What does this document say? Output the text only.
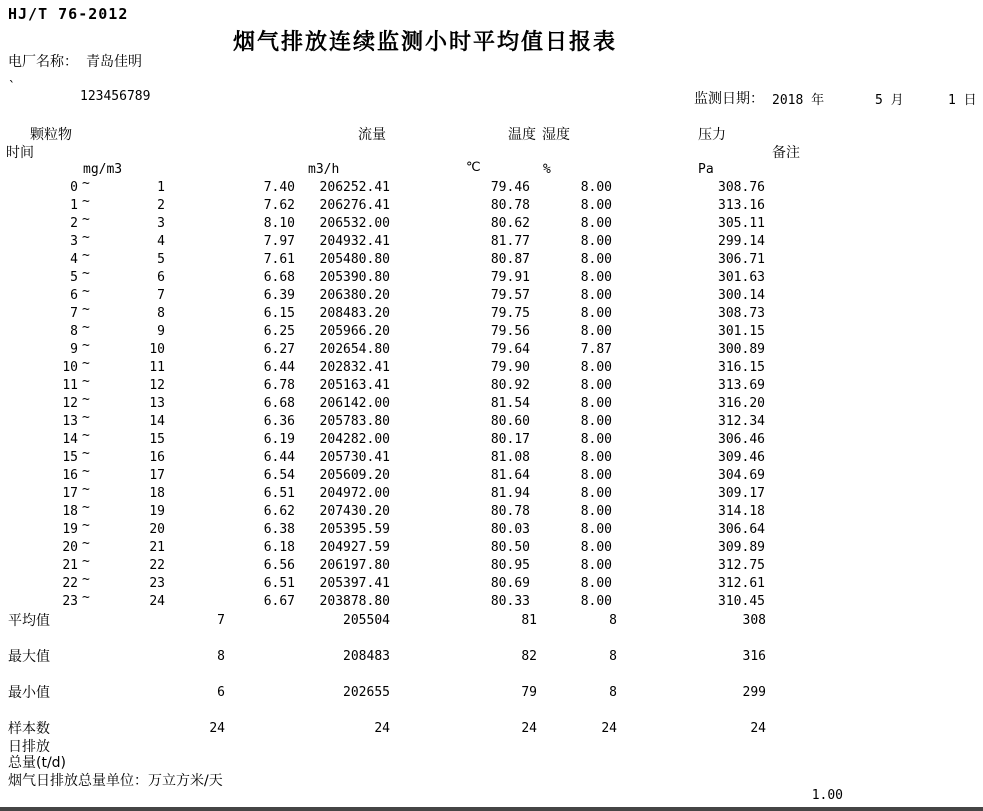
HJ/T 76-2012
烟气排放连续监测小时平均值日报表
电厂名称： 青岛佳明
`
123456789	监测日期： 2018 年	5 月	1 日
颗粒物	流量	温度 湿度	压力
时间	备注
mg/m3	m3/h	℃	%	Pa
0 ~	1	7.40	206252.41	79.46	8.00	308.76
1 ~	2	7.62	206276.41	80.78	8.00	313.16
2 ~	3	8.10	206532.00	80.62	8.00	305.11
3 ~	4	7.97	204932.41	81.77	8.00	299.14
4 ~	5	7.61	205480.80	80.87	8.00	306.71
5 ~	6	6.68	205390.80	79.91	8.00	301.63
6 ~	7	6.39	206380.20	79.57	8.00	300.14
7 ~	8	6.15	208483.20	79.75	8.00	308.73
8 ~	9	6.25	205966.20	79.56	8.00	301.15
9 ~	10	6.27	202654.80	79.64	7.87	300.89
10 ~	11	6.44	202832.41	79.90	8.00	316.15
11 ~	12	6.78	205163.41	80.92	8.00	313.69
12 ~	13	6.68	206142.00	81.54	8.00	316.20
13 ~	14	6.36	205783.80	80.60	8.00	312.34
14 ~	15	6.19	204282.00	80.17	8.00	306.46
15 ~	16	6.44	205730.41	81.08	8.00	309.46
16 ~	17	6.54	205609.20	81.64	8.00	304.69
17 ~	18	6.51	204972.00	81.94	8.00	309.17
18 ~	19	6.62	207430.20	80.78	8.00	314.18
19 ~	20	6.38	205395.59	80.03	8.00	306.64
20 ~	21	6.18	204927.59	80.50	8.00	309.89
21 ~	22	6.56	206197.80	80.95	8.00	312.75
22 ~	23	6.51	205397.41	80.69	8.00	312.61
23 ~	24	6.67	203878.80	80.33	8.00	310.45
平均值	7	205504	81	8	308
最大值	8	208483	82	8	316
最小值	6	202655	79	8	299
样本数	24	24	24	24	24
日排放
总量(t/d)
烟气日排放总量单位：万立方米/天
1.00
